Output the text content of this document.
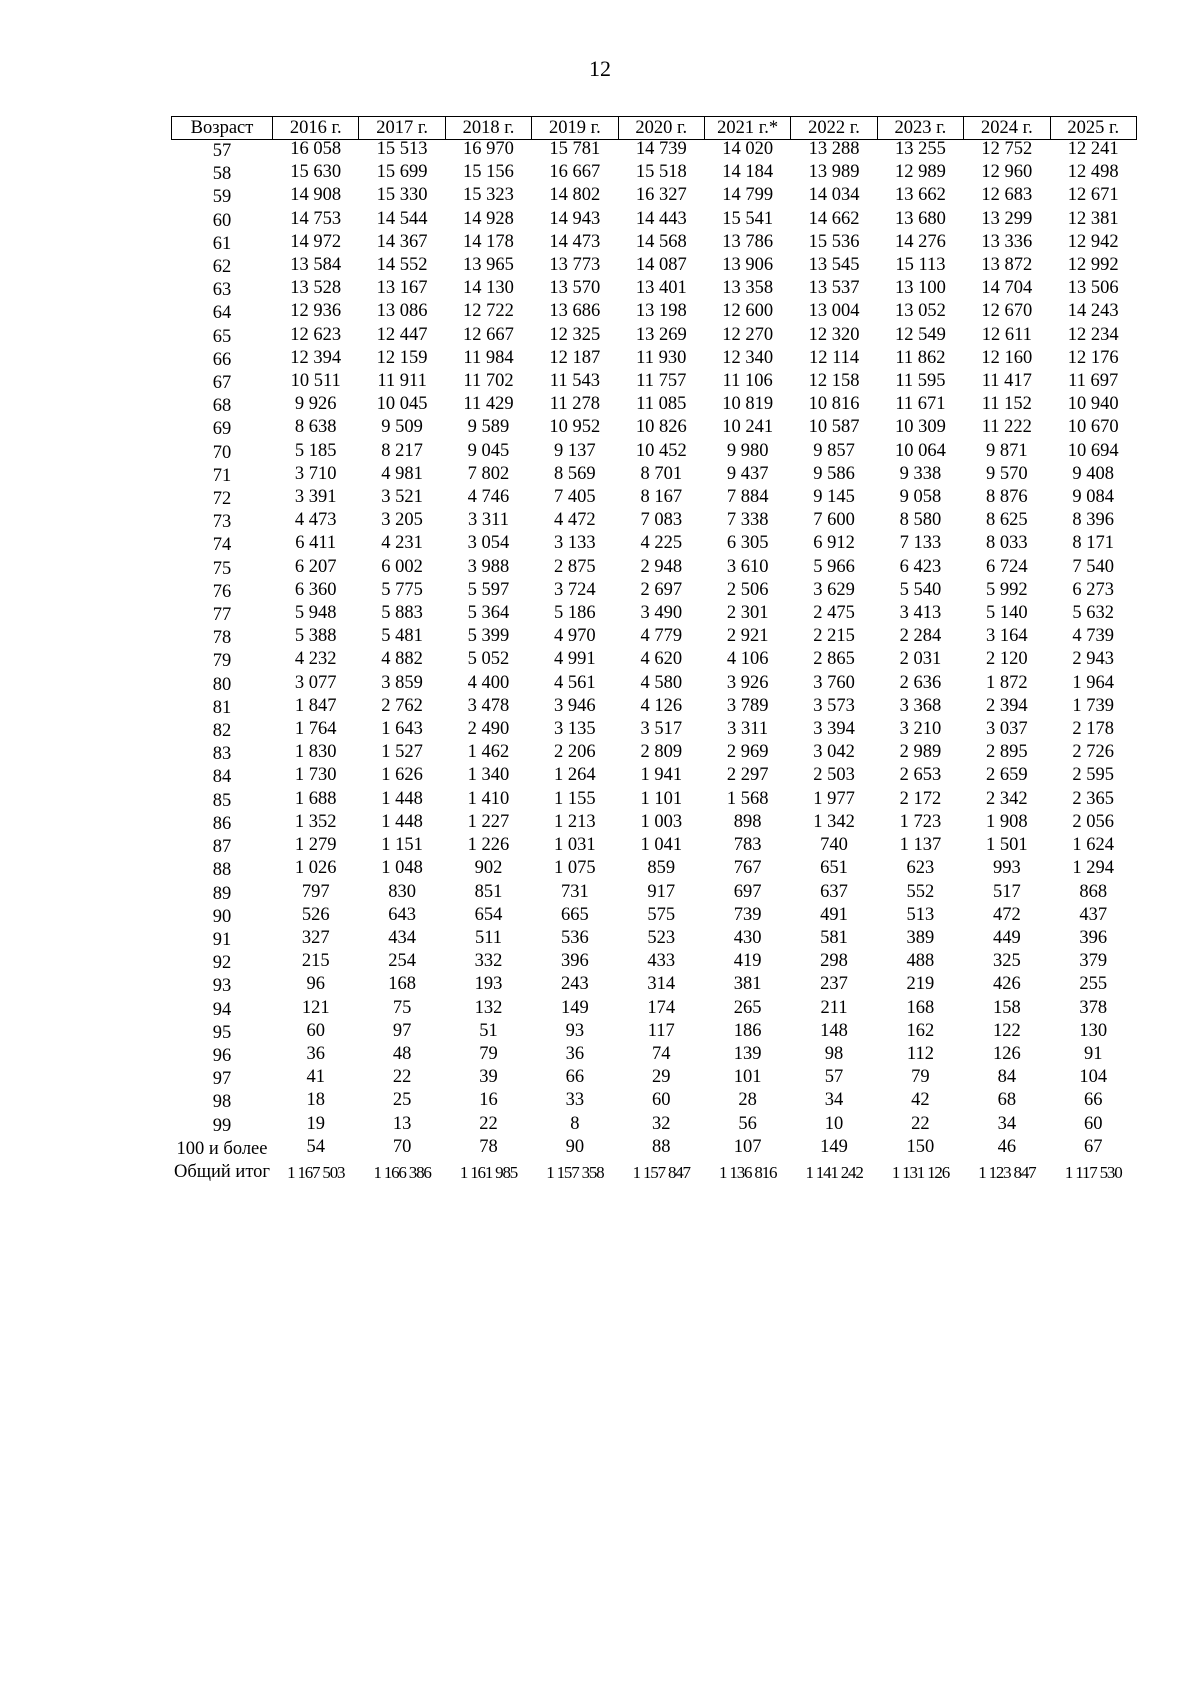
12
Возраст	2016 г.	2017 г.	2018 г.	2019 г.	2020 г.	2021 г.*	2022 г.	2023 г.	2024 г.	2025 г.
57	16 058	15 513	16 970	15 781	14 739	14 020	13 288	13 255	12 752	12 241
58	15 630	15 699	15 156	16 667	15 518	14 184	13 989	12 989	12 960	12 498
59	14 908	15 330	15 323	14 802	16 327	14 799	14 034	13 662	12 683	12 671
60	14 753	14 544	14 928	14 943	14 443	15 541	14 662	13 680	13 299	12 381
61	14 972	14 367	14 178	14 473	14 568	13 786	15 536	14 276	13 336	12 942
62	13 584	14 552	13 965	13 773	14 087	13 906	13 545	15 113	13 872	12 992
63	13 528	13 167	14 130	13 570	13 401	13 358	13 537	13 100	14 704	13 506
64	12 936	13 086	12 722	13 686	13 198	12 600	13 004	13 052	12 670	14 243
65	12 623	12 447	12 667	12 325	13 269	12 270	12 320	12 549	12 611	12 234
66	12 394	12 159	11 984	12 187	11 930	12 340	12 114	11 862	12 160	12 176
67	10 511	11 911	11 702	11 543	11 757	11 106	12 158	11 595	11 417	11 697
68	9 926	10 045	11 429	11 278	11 085	10 819	10 816	11 671	11 152	10 940
69	8 638	9 509	9 589	10 952	10 826	10 241	10 587	10 309	11 222	10 670
70	5 185	8 217	9 045	9 137	10 452	9 980	9 857	10 064	9 871	10 694
71	3 710	4 981	7 802	8 569	8 701	9 437	9 586	9 338	9 570	9 408
72	3 391	3 521	4 746	7 405	8 167	7 884	9 145	9 058	8 876	9 084
73	4 473	3 205	3 311	4 472	7 083	7 338	7 600	8 580	8 625	8 396
74	6 411	4 231	3 054	3 133	4 225	6 305	6 912	7 133	8 033	8 171
75	6 207	6 002	3 988	2 875	2 948	3 610	5 966	6 423	6 724	7 540
76	6 360	5 775	5 597	3 724	2 697	2 506	3 629	5 540	5 992	6 273
77	5 948	5 883	5 364	5 186	3 490	2 301	2 475	3 413	5 140	5 632
78	5 388	5 481	5 399	4 970	4 779	2 921	2 215	2 284	3 164	4 739
79	4 232	4 882	5 052	4 991	4 620	4 106	2 865	2 031	2 120	2 943
80	3 077	3 859	4 400	4 561	4 580	3 926	3 760	2 636	1 872	1 964
81	1 847	2 762	3 478	3 946	4 126	3 789	3 573	3 368	2 394	1 739
82	1 764	1 643	2 490	3 135	3 517	3 311	3 394	3 210	3 037	2 178
83	1 830	1 527	1 462	2 206	2 809	2 969	3 042	2 989	2 895	2 726
84	1 730	1 626	1 340	1 264	1 941	2 297	2 503	2 653	2 659	2 595
85	1 688	1 448	1 410	1 155	1 101	1 568	1 977	2 172	2 342	2 365
86	1 352	1 448	1 227	1 213	1 003	898	1 342	1 723	1 908	2 056
87	1 279	1 151	1 226	1 031	1 041	783	740	1 137	1 501	1 624
88	1 026	1 048	902	1 075	859	767	651	623	993	1 294
89	797	830	851	731	917	697	637	552	517	868
90	526	643	654	665	575	739	491	513	472	437
91	327	434	511	536	523	430	581	389	449	396
92	215	254	332	396	433	419	298	488	325	379
93	96	168	193	243	314	381	237	219	426	255
94	121	75	132	149	174	265	211	168	158	378
95	60	97	51	93	117	186	148	162	122	130
96	36	48	79	36	74	139	98	112	126	91
97	41	22	39	66	29	101	57	79	84	104
98	18	25	16	33	60	28	34	42	68	66
99	19	13	22	8	32	56	10	22	34	60
100 и более	54	70	78	90	88	107	149	150	46	67
Общий итог	1 167 503	1 166 386	1 161 985	1 157 358	1 157 847	1 136 816	1 141 242	1 131 126	1 123 847	1 117 530
